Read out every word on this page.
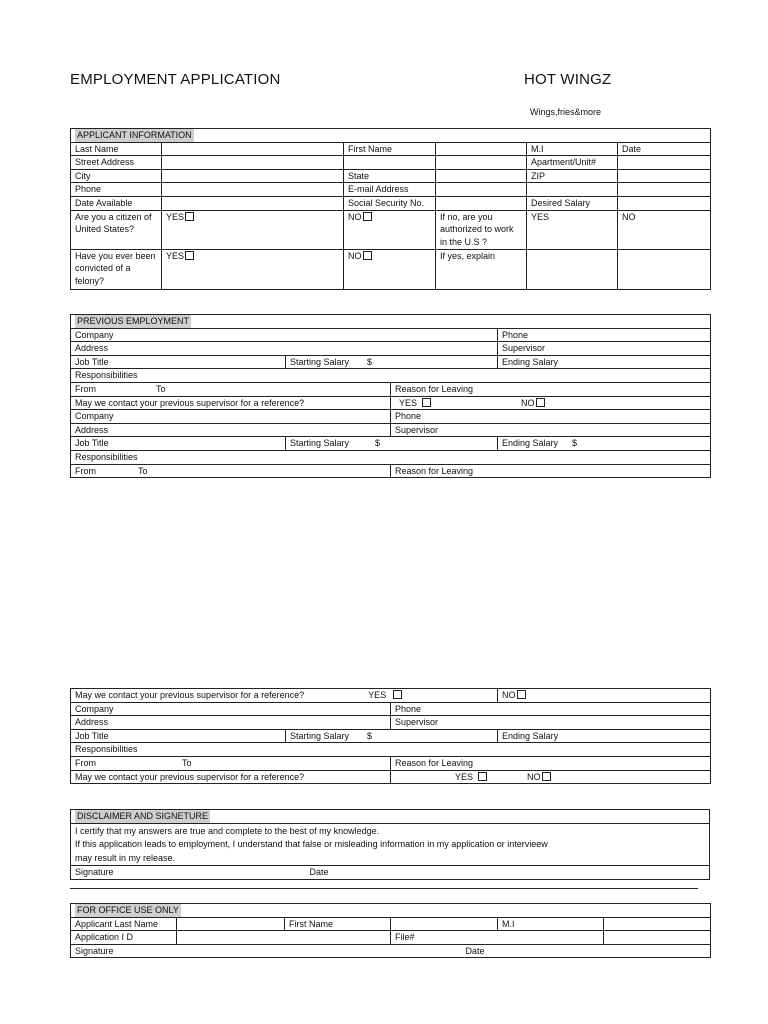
EMPLOYMENT APPLICATION	HOT WINGZ
Wings,fries&more
APPLICANT INFORMATION					
Last Name		First Name		M.I	Date
Street Address				Apartment/Unit#	
City		State		ZIP	
Phone		E-mail Address			
Date Available		Social Security No.		Desired Salary	
Are you a citizen of United States?	YES	NO	If no, are you authorized to work in the U.S ?	YES	NO
Have you ever been convicted of a felony?	YES	NO	If yes, explain		
PREVIOUS EMPLOYMENT			
Company			Phone
Address			Supervisor
Job Title	Starting Salary $		Ending Salary
Responsibilities			
From To		Reason for Leaving	
May we contact your previous supervisor for a reference?		YES NO	
Company		Phone	
Address		Supervisor	
Job Title	Starting Salary $		Ending Salary $
Responsibilities			
From To		Reason for Leaving	
May we contact your previous supervisor for a reference? YES			NO
Company		Phone	
Address		Supervisor	
Job Title	Starting Salary $		Ending Salary
Responsibilities			
From To		Reason for Leaving	
May we contact your previous supervisor for a reference?		YES NO	
DISCLAIMER AND SIGNETURE

I certify that my answers are true and complete to the best of my knowledge.
If this application leads to employment, I understand that false or misleading information in my application or intervieew
may result in my release.

Signature	Date
FOR OFFICE USE ONLY					
Applicant Last Name		First Name		M.I	
Application I D			File#		
Signature Date					
